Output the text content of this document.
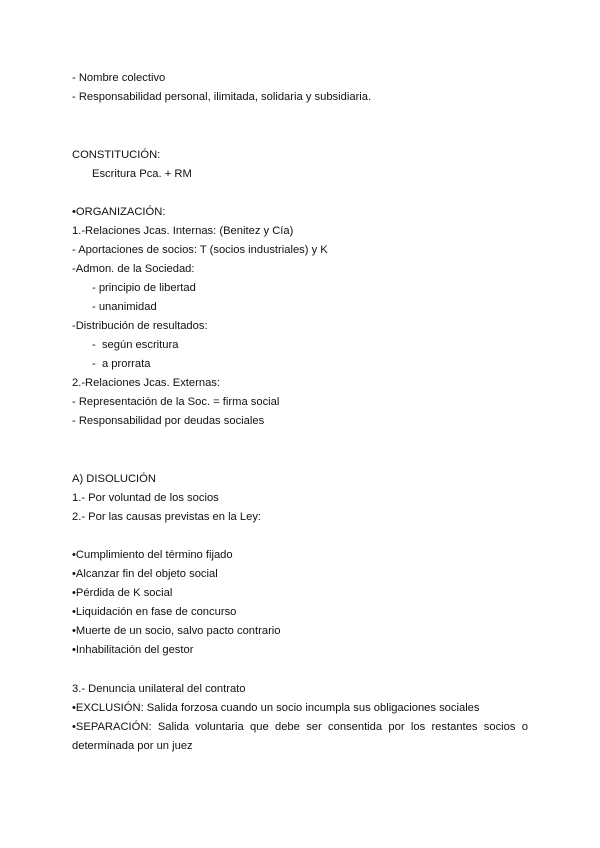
- Nombre colectivo
- Responsabilidad personal, ilimitada, solidaria y subsidiaria.
CONSTITUCIÓN:
Escritura Pca. + RM
•ORGANIZACIÓN:
1.-Relaciones Jcas. Internas: (Benitez y Cía)
- Aportaciones de socios: T (socios industriales) y K
-Admon. de la Sociedad:
- principio de libertad
- unanimidad
-Distribución de resultados:
-  según escritura
-  a prorrata
2.-Relaciones Jcas. Externas:
- Representación de la Soc. = firma social
- Responsabilidad por deudas sociales
A) DISOLUCIÓN
1.- Por voluntad de los socios
2.- Por las causas previstas en la Ley:
•Cumplimiento del término fijado
•Alcanzar fin del objeto social
•Pérdida de K social
•Liquidación en fase de concurso
•Muerte de un socio, salvo pacto contrario
•Inhabilitación del gestor
3.- Denuncia unilateral del contrato
•EXCLUSIÓN: Salida forzosa cuando un socio incumpla sus obligaciones sociales
•SEPARACIÓN: Salida voluntaria que debe ser consentida por los restantes socios o
determinada por un juez
